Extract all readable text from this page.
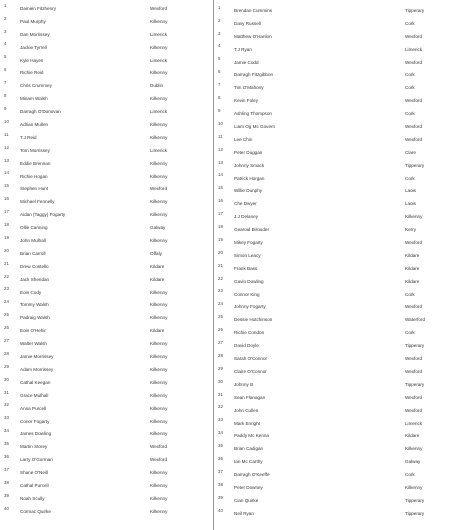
1
Damien Fitzhenry	Wexford
2
Paul Murphy	Kilkenny
3
Dan Morrissey	Limerick
4
Jackie Tyrrell	Kilkenny
5
Kyle Hayes	Limerick
6
Richie Reid	Kilkenny
7
Chris Crummey	Dublin
8
Miriam Walsh	Kilkenny
9
Darragh O'Donovan	Limerick
10
Adrian Mullen	Kilkenny
11
T.J Reid	Kilkenny
12
Tom Morrissey	Limerick
13
Eddie Brennan	Kilkenny
14
Richie Hogan	Kilkenny
15
Stephen Hunt	Wexford
16
Michael Fennelly	Kilkenny
17
Aidan (Taggy) Fogarty	Kilkenny
18
Ollie Canning	Galway
19
John Mulhall	Kilkenny
20
Brian Carroll	Offaly
21
Drew Costello	Kildare
22
Jack Sheridan	Kildare
23
Eoin Cody	Kilkenny
24
Tommy Walsh	Kilkenny
25
Padraig Walsh	Kilkenny
26
Eoin O'Hehir	Kildare
27
Walter Walsh	Kilkenny
28
Jamie Morrissey	Kilkenny
29
Adam Morrissey	Kilkenny
30
Cathal Keegan	Kilkenny
31
Grace Mulhall	Kilkenny
32
Anna Purcell	Kilkenny
33
Conor Fogarty	Kilkenny
34
James Dowling	Kilkenny
35
Martin Storey	Wexford
36
Larry O'Gorman	Wexford
37
Shane O'Neill	Kilkenny
38
Cathal Purcell	Kilkenny
39
Noah Scully	Kilkenny
40
Cormac Quirke	Kilkenny
1
Brendan Cummins	Tipperary
2
Davy Russell	Cork
3
Matthew O'Hanlon	Wexford
4
T.J Ryan	Limerick
5
Jamie Codd	Wexford
6
Darragh Fitzgibbon	Cork
7
Tim O'Mahony	Cork
8
Kevin Foley	Wexford
9
Ashling Thompson	Cork
10
Liam Og Mc Govern	Wexford
11
Lee Chin	Wexford
12
Peter Duggan	Clare
13
Johnny Smack	Tipperary
14
Patrick Horgan	Cork
15
Willie Dunphy	Laois
16
Che Dwyer	Laois
17
J.J Delaney	Kilkenny
18
Gearoid Birouder	Kerry
19
Mikey Fogarty	Wexford
20
Simon Leacy	Kildare
21
Frank Bass	Kildare
22
Gavin Dowling	Kildare
23
Connor King	Cork
24
Johnny Fogarty	Wexford
25
Dessie Hutchinson	Waterford
26
Richie Condon	Cork
27
David Doyle	Tipperary
28
Sarah O'Connor	Wexford
29
Claire O'Connor	Wexford
30
Johnny B	Tipperary
31
Sean Flanagan	Wexford
32
John Cullen	Wexford
33
Mark Enright	Limerick
34
Paddy Mc Kenna	Kildare
35
Brian Cadigan	Kilkenny
36
Ian Mc Carthy	Galway
37
Darragh O'Keeffe	Cork
38
Peter Downey	Kilkenny
39
Cian Quirke	Tipperary
40
Neil Ryan	Tipperary
